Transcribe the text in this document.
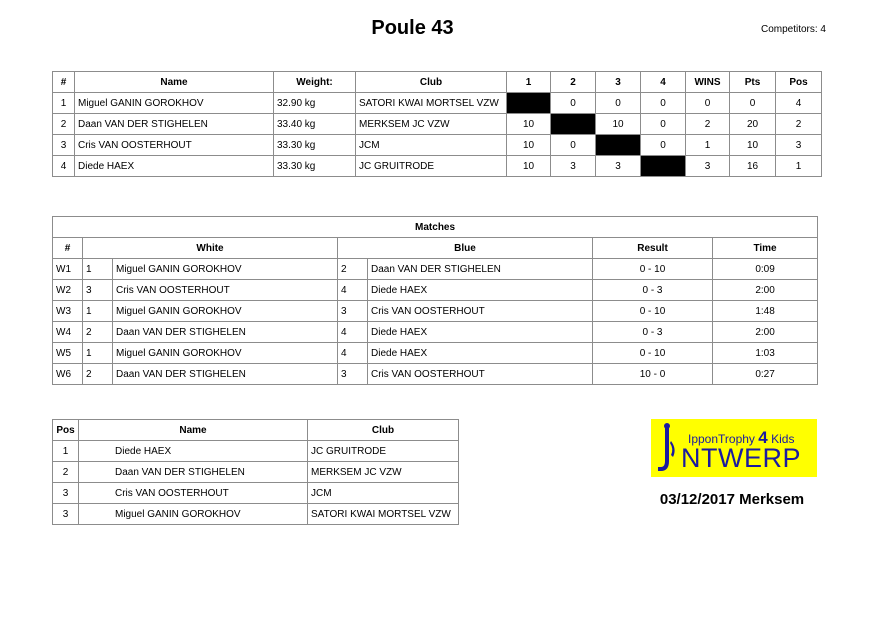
Poule 43	Competitors: 4
#	Name	Weight:	Club	1	2	3	4	WINS	Pts	Pos
1	Miguel GANIN GOROKHOV	32.90 kg	SATORI KWAI MORTSEL VZW		0	0	0	0	0	4
2	Daan VAN DER STIGHELEN	33.40 kg	MERKSEM JC VZW	10		10	0	2	20	2
3	Cris VAN OOSTERHOUT	33.30 kg	JCM	10	0		0	1	10	3
4	Diede HAEX	33.30 kg	JC GRUITRODE	10	3	3		3	16	1
Matches						
#	White		Blue		Result	Time
W1	1	Miguel GANIN GOROKHOV	2	Daan VAN DER STIGHELEN	0 - 10	0:09
W2	3	Cris VAN OOSTERHOUT	4	Diede HAEX	0 - 3	2:00
W3	1	Miguel GANIN GOROKHOV	3	Cris VAN OOSTERHOUT	0 - 10	1:48
W4	2	Daan VAN DER STIGHELEN	4	Diede HAEX	0 - 3	2:00
W5	1	Miguel GANIN GOROKHOV	4	Diede HAEX	0 - 10	1:03
W6	2	Daan VAN DER STIGHELEN	3	Cris VAN OOSTERHOUT	10 - 0	0:27
Pos	Name	Club
1	Diede HAEX	JC GRUITRODE
2	Daan VAN DER STIGHELEN	MERKSEM JC VZW
3	Cris VAN OOSTERHOUT	JCM
3	Miguel GANIN GOROKHOV	SATORI KWAI MORTSEL VZW
IpponTrophy 4 Kids
NTWERP
03/12/2017 Merksem
